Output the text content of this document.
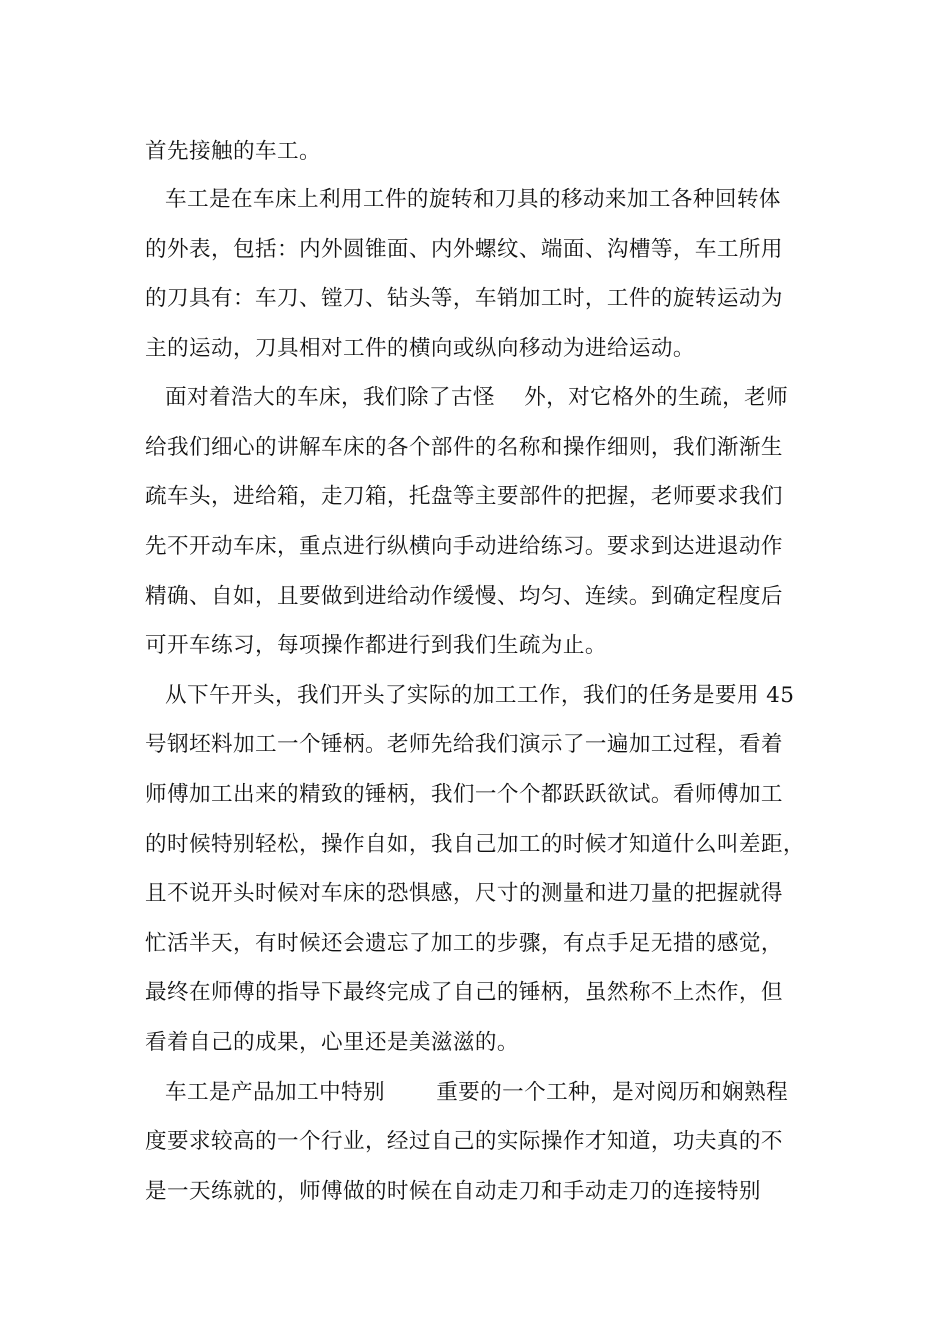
首先接触的车工。
车工是在车床上利用工件的旋转和刀具的移动来加工各种回转体
的外表，包括：内外圆锥面、内外螺纹、端面、沟槽等，车工所用
的刀具有：车刀、镗刀、钻头等，车销加工时，工件的旋转运动为
主的运动，刀具相对工件的横向或纵向移动为进给运动。
面对着浩大的车床，我们除了古怪　 外，对它格外的生疏，老师
给我们细心的讲解车床的各个部件的名称和操作细则，我们渐渐生
疏车头，进给箱，走刀箱，托盘等主要部件的把握，老师要求我们
先不开动车床，重点进行纵横向手动进给练习。要求到达进退动作
精确、自如，且要做到进给动作缓慢、均匀、连续。到确定程度后
可开车练习，每项操作都进行到我们生疏为止。
从下午开头，我们开头了实际的加工工作，我们的任务是要用 45
号钢坯料加工一个锤柄。老师先给我们演示了一遍加工过程，看着
师傅加工出来的精致的锤柄，我们一个个都跃跃欲试。看师傅加工
的时候特别轻松，操作自如，我自己加工的时候才知道什么叫差距，
且不说开头时候对车床的恐惧感，尺寸的测量和进刀量的把握就得
忙活半天，有时候还会遗忘了加工的步骤，有点手足无措的感觉，
最终在师傅的指导下最终完成了自己的锤柄，虽然称不上杰作，但
看着自己的成果，心里还是美滋滋的。
车工是产品加工中特别　　 重要的一个工种，是对阅历和娴熟程
度要求较高的一个行业，经过自己的实际操作才知道，功夫真的不
是一天练就的，师傅做的时候在自动走刀和手动走刀的连接特别
